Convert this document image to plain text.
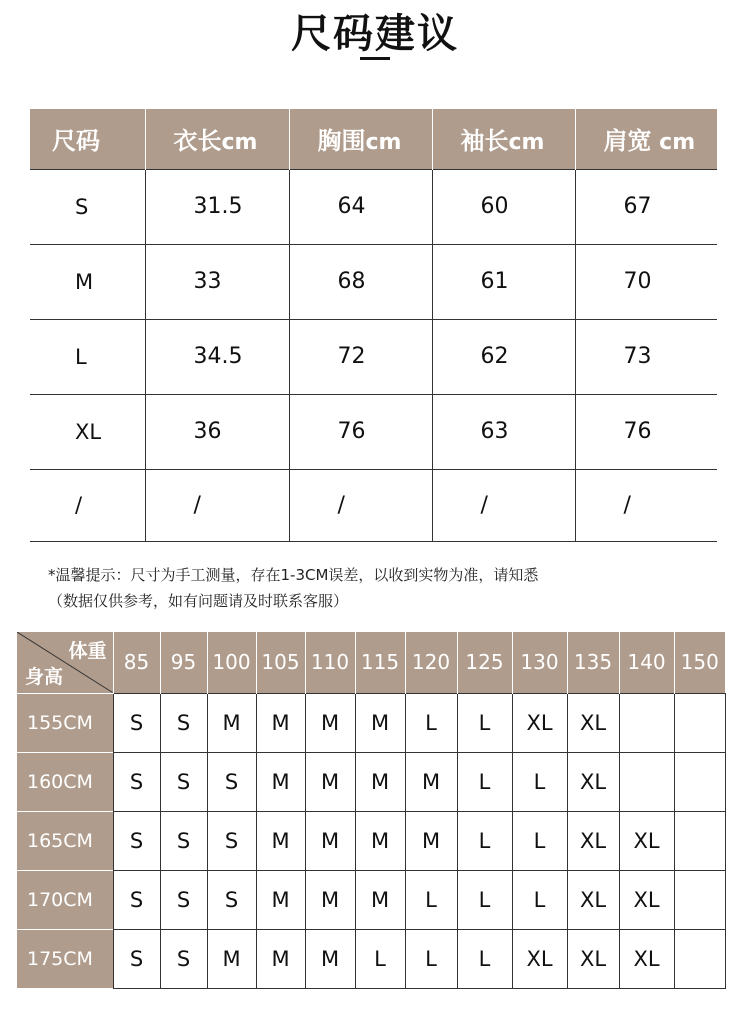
尺码建议
尺码	衣长cm	胸围cm	袖长cm	肩宽 cm
S	31.5	64	60	67
M	33	68	61	70
L	34.5	72	62	73
XL	36	76	63	76
/	/	/	/	/
*温馨提示：尺寸为手工测量，存在1-3CM误差，以收到实物为准，请知悉
（数据仅供参考，如有问题请及时联系客服）
体重
身高	85	95	100	105	110	115	120	125	130	135	140	150
155CM	S	S	M	M	M	M	L	L	XL	XL		
160CM	S	S	S	M	M	M	M	L	L	XL		
165CM	S	S	S	M	M	M	M	L	L	XL	XL	
170CM	S	S	S	M	M	M	L	L	L	XL	XL	
175CM	S	S	M	M	M	L	L	L	XL	XL	XL	
